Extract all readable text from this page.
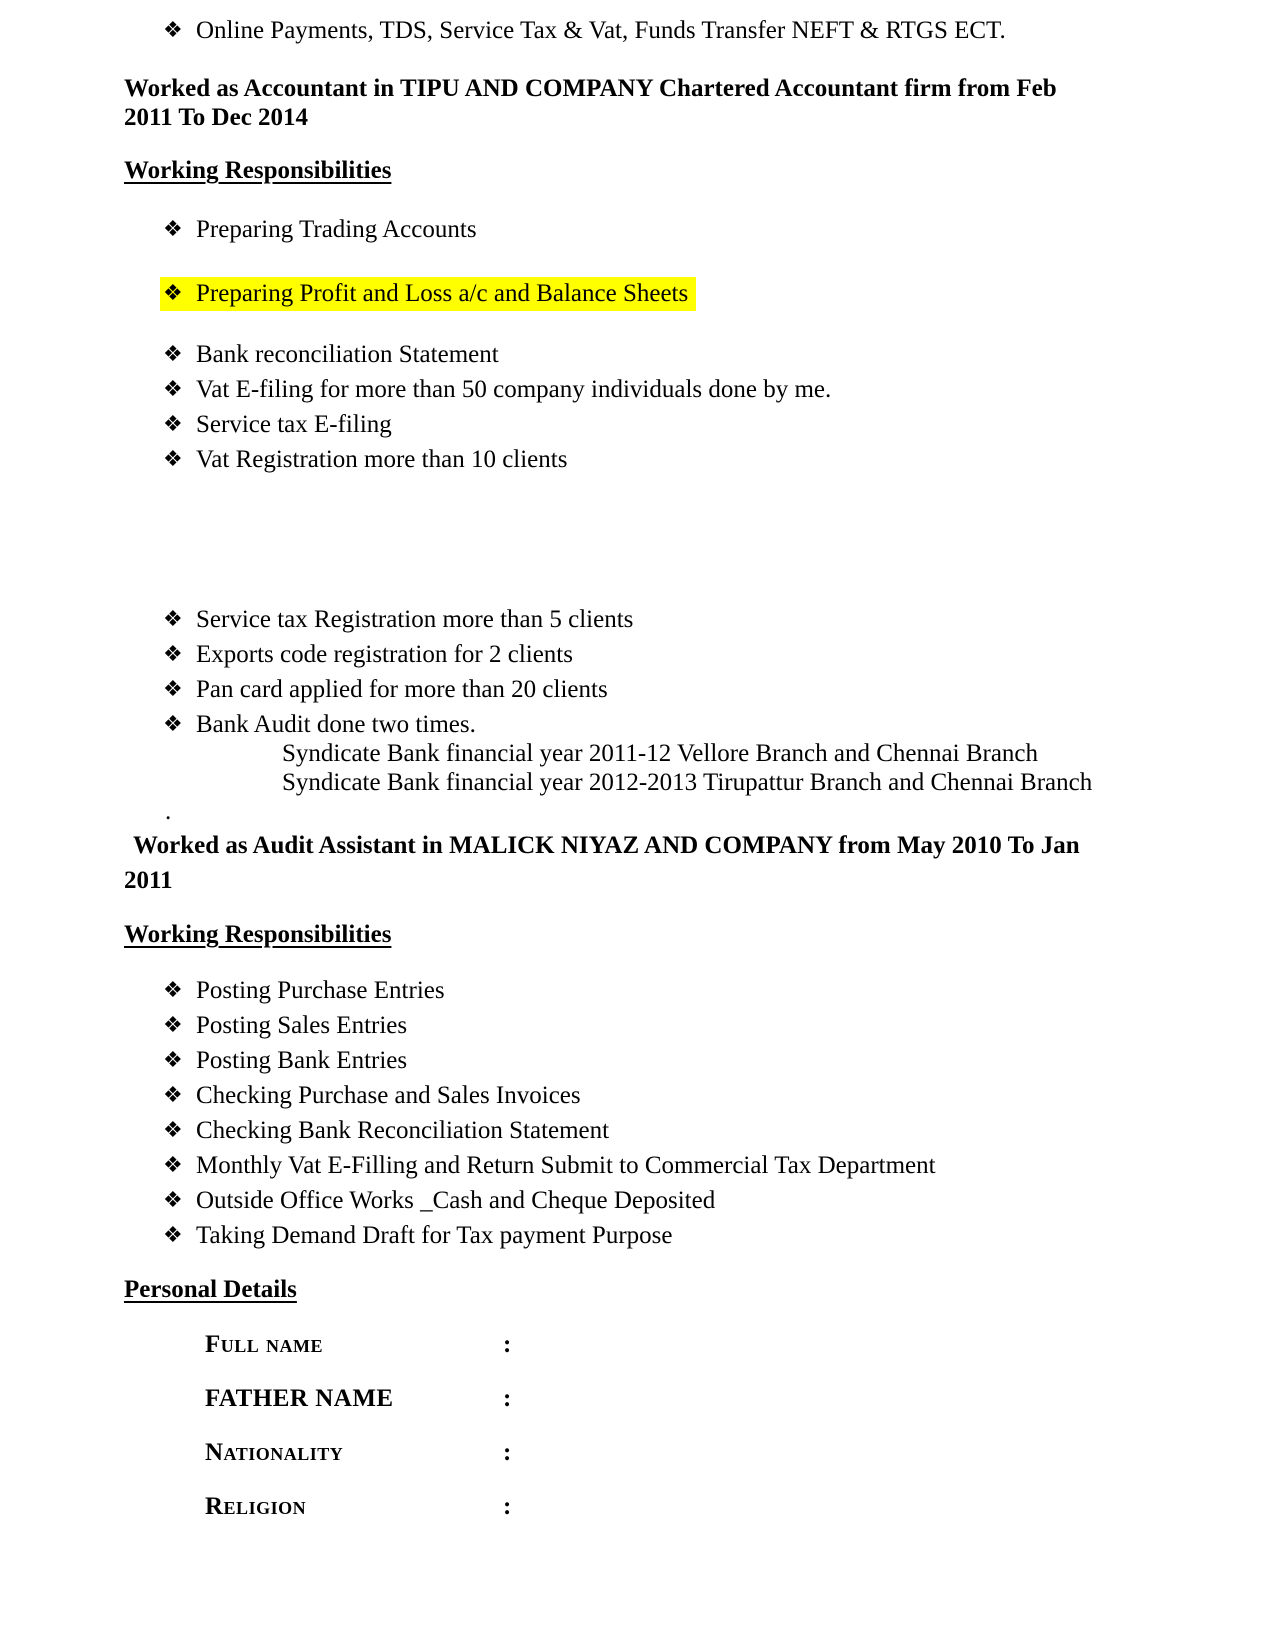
❖ Online Payments, TDS, Service Tax & Vat, Funds Transfer NEFT & RTGS ECT.
Worked as Accountant in TIPU AND COMPANY Chartered Accountant firm from Feb 2011 To Dec 2014
Working Responsibilities
❖ Preparing Trading Accounts
❖ Preparing Profit and Loss a/c and Balance Sheets
❖ Bank reconciliation Statement
❖ Vat E-filing for more than 50 company individuals done by me.
❖ Service tax E-filing
❖ Vat Registration more than 10 clients
❖ Service tax Registration more than 5 clients
❖ Exports code registration for 2 clients
❖ Pan card applied for more than 20 clients
❖ Bank Audit done two times.
Syndicate Bank financial year 2011-12 Vellore Branch and Chennai Branch
Syndicate Bank financial year 2012-2013 Tirupattur Branch and Chennai Branch
.
Worked as Audit Assistant in MALICK NIYAZ AND COMPANY from May 2010 To Jan 2011
Working Responsibilities
❖ Posting Purchase Entries
❖ Posting Sales Entries
❖ Posting Bank Entries
❖ Checking Purchase and Sales Invoices
❖ Checking Bank Reconciliation Statement
❖ Monthly Vat E-Filling and Return Submit to Commercial Tax Department
❖ Outside Office Works _Cash and Cheque Deposited
❖ Taking Demand Draft for Tax payment Purpose
Personal Details
Full name	:
FATHER NAME	:
Nationality	:
Religion	:
